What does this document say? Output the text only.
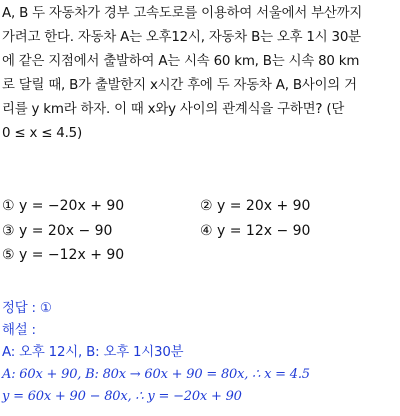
A, B 두 자동차가 경부 고속도로를 이용하여 서울에서 부산까지
가려고 한다. 자동차 A는 오후12시, 자동차 B는 오후 1시 30분
에 같은 지점에서 출발하여 A는 시속 60 km, B는 시속 80 km
로 달릴 때, B가 출발한지 x시간 후에 두 자동차 A, B사이의 거
리를 y km라 하자. 이 때 x와y 사이의 관계식을 구하면? (단
0 ≤ x ≤ 4.5)
① y = −20x + 90	② y = 20x + 90
③ y = 20x − 90	④ y = 12x − 90
⑤ y = −12x + 90
정답 : ①
해설 :
A: 오후 12시, B: 오후 1시30분
A: 60x + 90, B: 80x → 60x + 90 = 80x, ∴ x = 4.5
y = 60x + 90 − 80x, ∴ y = −20x + 90
